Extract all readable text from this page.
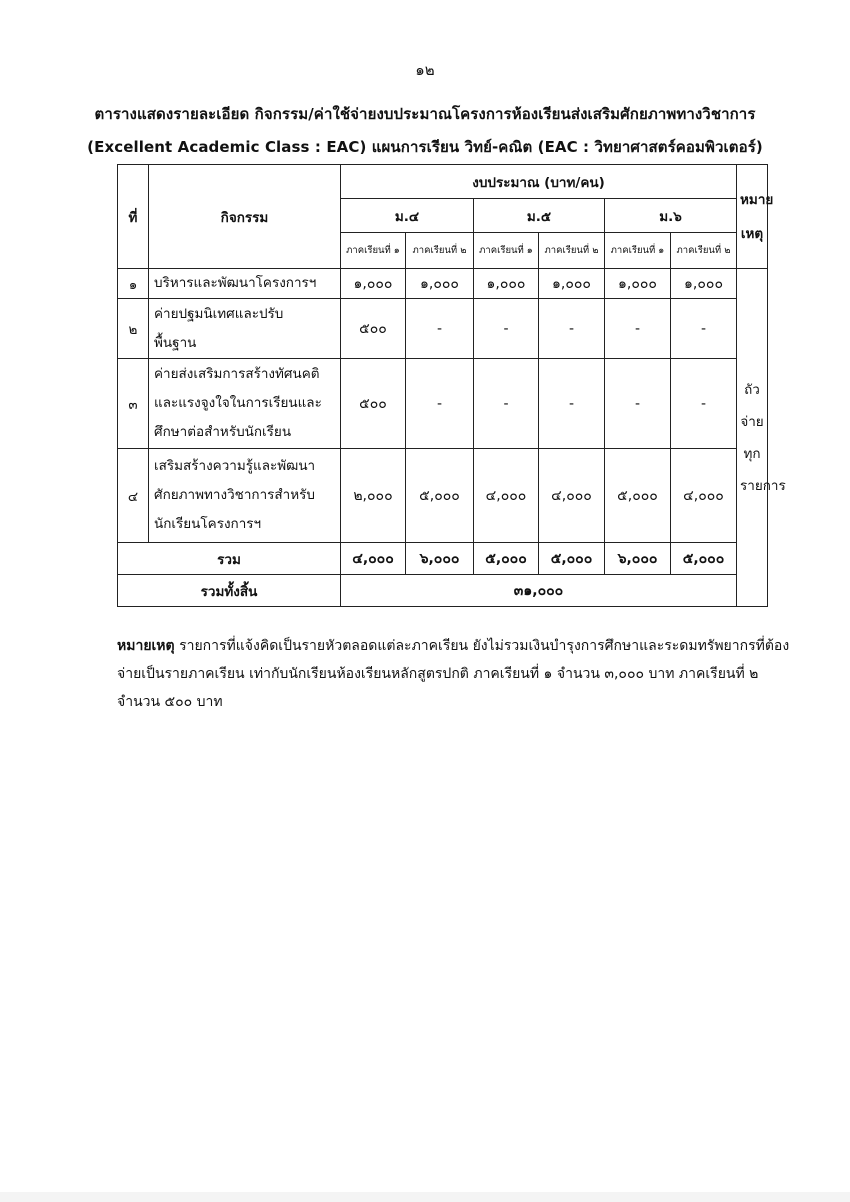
๑๒
ตารางแสดงรายละเอียด กิจกรรม/ค่าใช้จ่ายงบประมาณโครงการห้องเรียนส่งเสริมศักยภาพทางวิชาการ
(Excellent Academic Class : EAC) แผนการเรียน วิทย์-คณิต (EAC : วิทยาศาสตร์คอมพิวเตอร์)
ที่	กิจกรรม	งบประมาณ (บาท/คน)						หมาย
เหตุ

		ม.๔		ม.๕		ม.๖		
		ภาคเรียนที่ ๑	ภาคเรียนที่ ๒	ภาคเรียนที่ ๑	ภาคเรียนที่ ๒	ภาคเรียนที่ ๑	ภาคเรียนที่ ๒	
๑	บริหารและพัฒนาโครงการฯ	๑,๐๐๐	๑,๐๐๐	๑,๐๐๐	๑,๐๐๐	๑,๐๐๐	๑,๐๐๐	ถัวจ่าย
ทุก
รายการ

๒	ค่ายปฐมนิเทศและปรับ
พื้นฐาน	๕๐๐	-	-	-	-	-	
๓	ค่ายส่งเสริมการสร้างทัศนคติ
และแรงจูงใจในการเรียนและ
ศึกษาต่อสำหรับนักเรียน	๕๐๐	-	-	-	-	-	
๔	เสริมสร้างความรู้และพัฒนา
ศักยภาพทางวิชาการสำหรับ
นักเรียนโครงการฯ	๒,๐๐๐	๕,๐๐๐	๔,๐๐๐	๔,๐๐๐	๕,๐๐๐	๔,๐๐๐	
รวม		๔,๐๐๐	๖,๐๐๐	๕,๐๐๐	๕,๐๐๐	๖,๐๐๐	๕,๐๐๐	
รวมทั้งสิ้น		๓๑,๐๐๐						
หมายเหตุ รายการที่แจ้งคิดเป็นรายหัวตลอดแต่ละภาคเรียน ยังไม่รวมเงินบำรุงการศึกษาและระดมทรัพยากรที่ต้องจ่ายเป็นรายภาคเรียน เท่ากับนักเรียนห้องเรียนหลักสูตรปกติ ภาคเรียนที่ ๑ จำนวน ๓,๐๐๐ บาท ภาคเรียนที่ ๒ จำนวน ๕๐๐ บาท
